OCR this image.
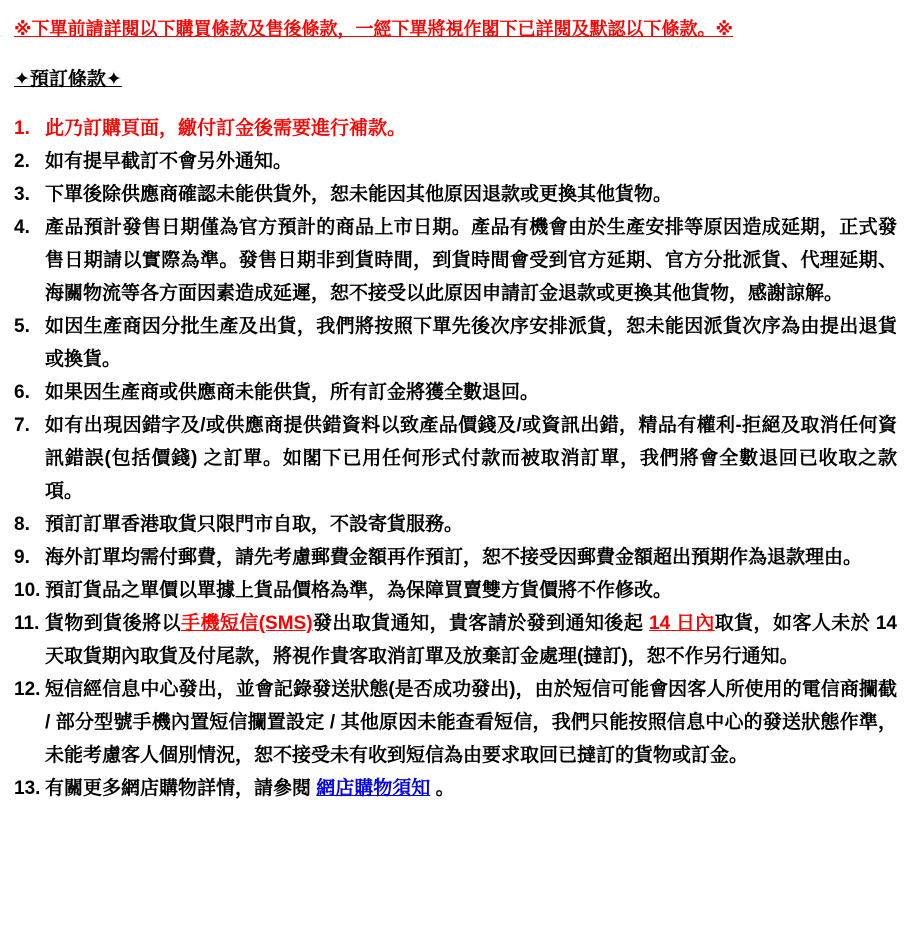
※下單前請詳閱以下購買條款及售後條款，一經下單將視作閣下已詳閱及默認以下條款。※
✦預訂條款✦
1. 此乃訂購頁面，繳付訂金後需要進行補款。
2. 如有提早截訂不會另外通知。
3. 下單後除供應商確認未能供貨外，恕未能因其他原因退款或更換其他貨物。
4. 產品預計發售日期僅為官方預計的商品上市日期。產品有機會由於生產安排等原因造成延期，正式發售日期請以實際為準。發售日期非到貨時間，到貨時間會受到官方延期、官方分批派貨、代理延期、海關物流等各方面因素造成延遲，恕不接受以此原因申請訂金退款或更換其他貨物，感謝諒解。
5. 如因生產商因分批生產及出貨，我們將按照下單先後次序安排派貨，恕未能因派貨次序為由提出退貨或換貨。
6. 如果因生產商或供應商未能供貨，所有訂金將獲全數退回。
7. 如有出現因錯字及/或供應商提供錯資料以致產品價錢及/或資訊出錯，精品有權利-拒絕及取消任何資訊錯誤(包括價錢) 之訂單。如閣下已用任何形式付款而被取消訂單，我們將會全數退回已收取之款項。
8. 預訂訂單香港取貨只限門市自取，不設寄貨服務。
9. 海外訂單均需付郵費，請先考慮郵費金額再作預訂，恕不接受因郵費金額超出預期作為退款理由。
10. 預訂貨品之單價以單據上貨品價格為準，為保障買賣雙方貨價將不作修改。
11. 貨物到貨後將以手機短信(SMS)發出取貨通知，貴客請於發到通知後起 14 日內取貨，如客人未於 14 天取貨期內取貨及付尾款，將視作貴客取消訂單及放棄訂金處理(撻訂)，恕不作另行通知。
12. 短信經信息中心發出，並會記錄發送狀態(是否成功發出)，由於短信可能會因客人所使用的電信商攔截 / 部分型號手機內置短信攔置設定 / 其他原因未能查看短信，我們只能按照信息中心的發送狀態作準，未能考慮客人個別情況，恕不接受未有收到短信為由要求取回已撻訂的貨物或訂金。
13. 有關更多網店購物詳情，請參閱 網店購物須知 。
